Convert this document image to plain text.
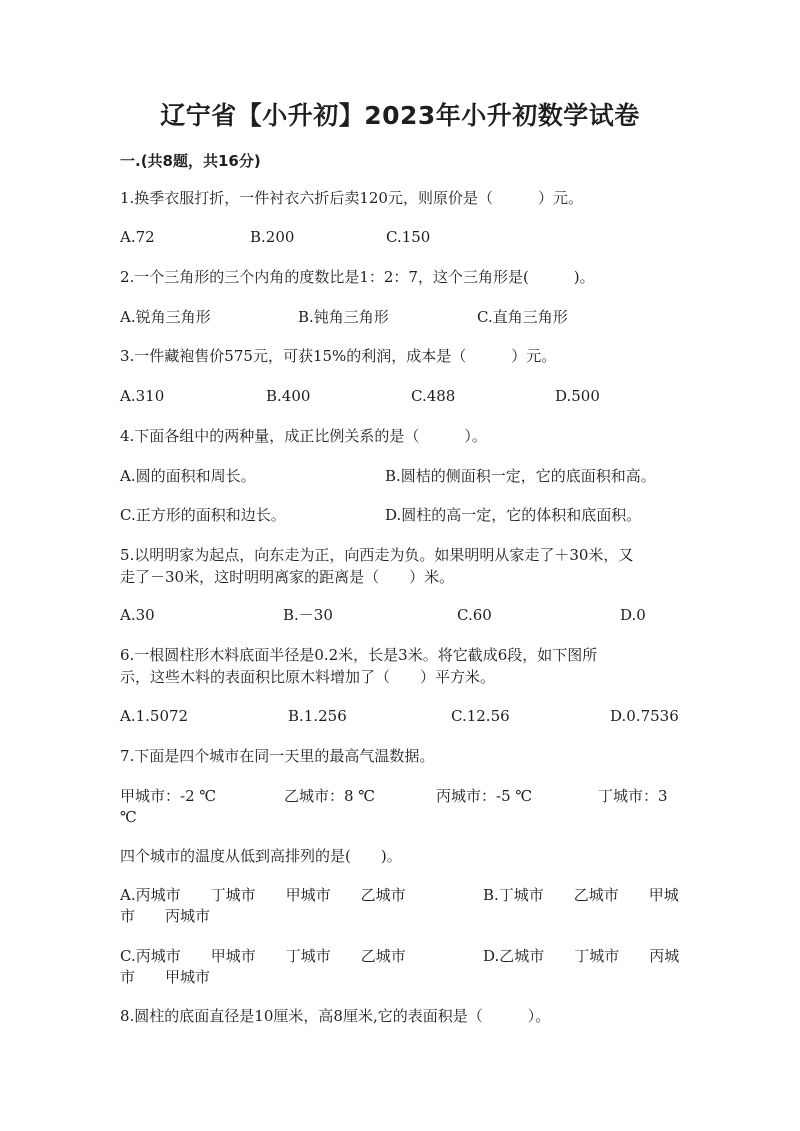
辽宁省【小升初】2023年小升初数学试卷
一.(共8题，共16分)
1.换季衣服打折，一件衬衣六折后卖120元，则原价是（　　　）元。
A.72	B.200	C.150
2.一个三角形的三个内角的度数比是1：2：7，这个三角形是(　　　)。
A.锐角三角形	B.钝角三角形	C.直角三角形
3.一件藏袍售价575元，可获15%的利润，成本是（　　　）元。
A.310	B.400	C.488	D.500
4.下面各组中的两种量，成正比例关系的是（　　　）。
A.圆的面积和周长。	B.圆桔的侧面积一定，它的底面积和高。
C.正方形的面积和边长。	D.圆柱的高一定，它的体积和底面积。
5.以明明家为起点，向东走为正，向西走为负。如果明明从家走了＋30米，又
走了－30米，这时明明离家的距离是（　　）米。
A.30	B.－30	C.60	D.0
6.一根圆柱形木料底面半径是0.2米，长是3米。将它截成6段，如下图所
示，这些木料的表面积比原木料增加了（　　）平方米。
A.1.5072	B.1.256	C.12.56	D.0.7536
7.下面是四个城市在同一天里的最高气温数据。
甲城市：-2 ℃	乙城市：8 ℃	丙城市：-5 ℃	丁城市：3
℃
四个城市的温度从低到高排列的是(　　)。
A.丙城市　　丁城市　　甲城市　　乙城市	B.丁城市　　乙城市　　甲城
市　　丙城市
C.丙城市　　甲城市　　丁城市　　乙城市	D.乙城市　　丁城市　　丙城
市　　甲城市
8.圆柱的底面直径是10厘米，高8厘米,它的表面积是（　　　）。
